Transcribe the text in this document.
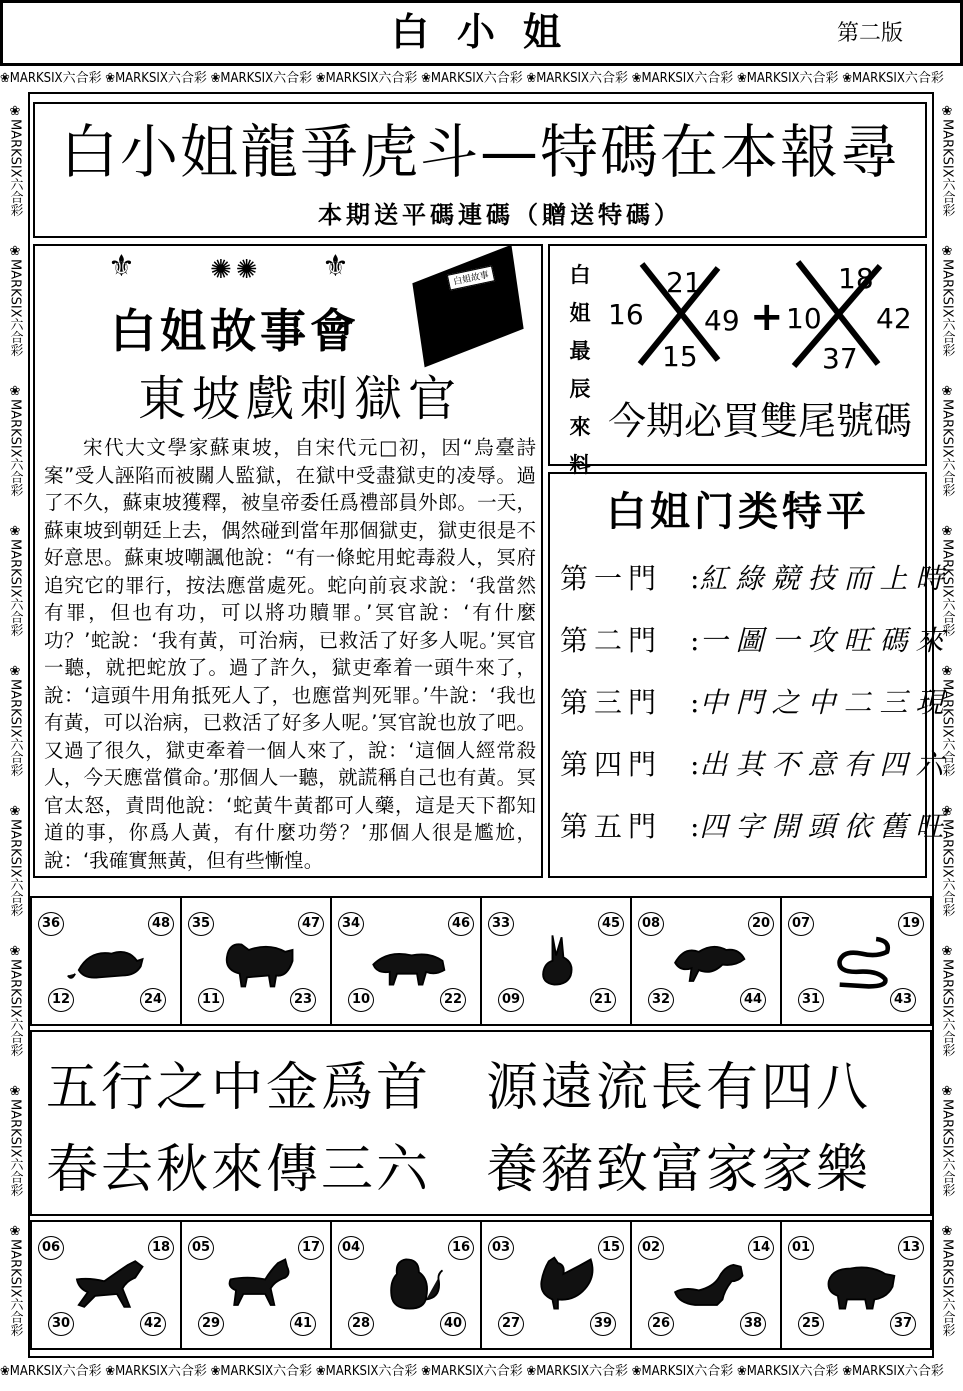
白小姐	第二版
❀MARKSIX六合彩 ❀MARKSIX六合彩 ❀MARKSIX六合彩 ❀MARKSIX六合彩 ❀MARKSIX六合彩 ❀MARKSIX六合彩 ❀MARKSIX六合彩 ❀MARKSIX六合彩 ❀MARKSIX六合彩
❀MARKSIX六合彩 ❀MARKSIX六合彩 ❀MARKSIX六合彩 ❀MARKSIX六合彩 ❀MARKSIX六合彩 ❀MARKSIX六合彩 ❀MARKSIX六合彩 ❀MARKSIX六合彩 ❀MARKSIX六合彩
❀MARKSIX六合彩
❀MARKSIX六合彩
❀MARKSIX六合彩
❀MARKSIX六合彩
❀MARKSIX六合彩
❀MARKSIX六合彩
❀MARKSIX六合彩
❀MARKSIX六合彩
❀MARKSIX六合彩
❀MARKSIX六合彩
❀MARKSIX六合彩
❀MARKSIX六合彩
❀MARKSIX六合彩
❀MARKSIX六合彩
❀MARKSIX六合彩
❀MARKSIX六合彩
❀MARKSIX六合彩
❀MARKSIX六合彩
白小姐龍爭虎斗—特碼在本報尋
本期送平碼連碼（贈送特碼）
⚜	⚜
✺✺	白姐故事
白姐故事會
東坡戲刺獄官
宋代大文學家蘇東坡，自宋代元□初，因“烏臺詩案”受人誣陷而被關人監獄，在獄中受盡獄吏的凌辱。過了不久，蘇東坡獲釋，被皇帝委任爲禮部員外郎。一天，蘇東坡到朝廷上去，偶然碰到當年那個獄吏，獄吏很是不好意思。蘇東坡嘲諷他說：“有一條蛇用蛇毒殺人，冥府追究它的罪行，按法應當處死。蛇向前哀求說：‘我當然有罪，但也有功，可以將功贖罪。’冥官說：‘有什麼功？’蛇說：‘我有黃，可治病，已救活了好多人呢。’冥官一聽，就把蛇放了。過了許久，獄吏牽着一頭牛來了，說：‘這頭牛用角抵死人了，也應當判死罪。’牛說：‘我也有黃，可以治病，已救活了好多人呢。’冥官說也放了吧。又過了很久，獄吏牽着一個人來了，說：‘這個人經常殺人，今天應當償命。’那個人一聽，就謊稱自己也有黃。冥官太怒，責問他說：‘蛇黃牛黃都可人藥，這是天下都知道的事，你爲人黃，有什麼功勞？’那個人很是尷尬，說：‘我確實無黃，但有些慚惶。
白姐最辰來料
21
16 49
15
+
18
10 42
37
今期必買雙尾號碼
白姐门类特平
第一門 :紅綠競技而上時
第二門 :一圖一攻旺碼來
第三門 :中門之中二三現
第四門 :出其不意有四六
第五門 :四字開頭依舊旺
36	48
12	24
35	47
11	23
34	46
10	22
33	45
09	21
08	20
32	44
07	19
31	43
五行之中金爲首 源遠流長有四八
春去秋來傳三六 養豬致富家家樂
06	18
30	42
05	17
29	41
04	16
28	40
03	15
27	39
02	14
26	38
01	13
25	37
